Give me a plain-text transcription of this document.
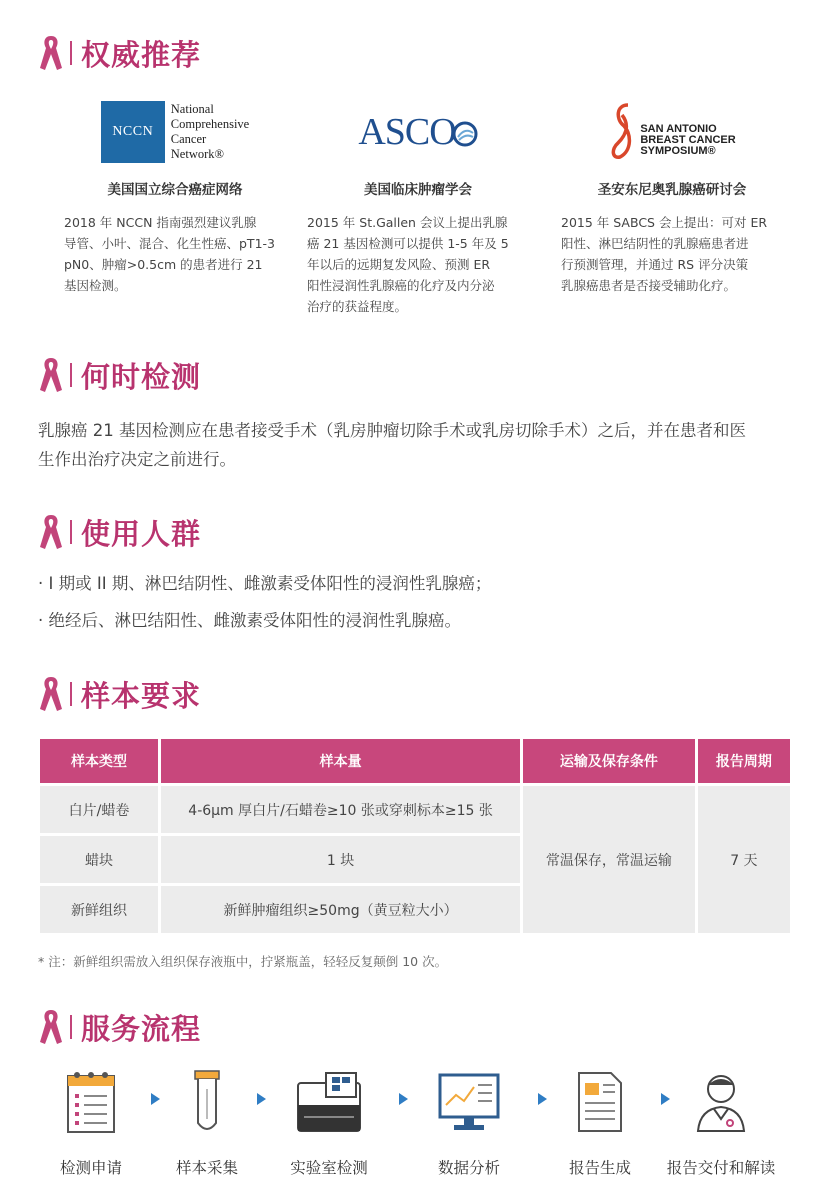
权威推荐
NCCN
National
Comprehensive
Cancer
Network®
美国国立综合癌症网络
2018 年 NCCN 指南强烈建议乳腺
导管、小叶、混合、化生性癌、pT1-3
pN0、肿瘤>0.5cm 的患者进行 21
基因检测。
ASCO
美国临床肿瘤学会
2015 年 St.Gallen 会议上提出乳腺
癌 21 基因检测可以提供 1-5 年及 5
年以后的远期复发风险、预测 ER
阳性浸润性乳腺癌的化疗及内分泌
治疗的获益程度。
SAN ANTONIO
BREAST CANCER
SYMPOSIUM®
圣安东尼奥乳腺癌研讨会
2015 年 SABCS 会上提出：可对 ER
阳性、淋巴结阴性的乳腺癌患者进
行预测管理，并通过 RS 评分决策
乳腺癌患者是否接受辅助化疗。
何时检测
乳腺癌 21 基因检测应在患者接受手术（乳房肿瘤切除手术或乳房切除手术）之后，并在患者和医
生作出治疗决定之前进行。
使用人群
· I 期或 II 期、淋巴结阴性、雌激素受体阳性的浸润性乳腺癌；
· 绝经后、淋巴结阳性、雌激素受体阳性的浸润性乳腺癌。
样本要求
样本类型	样本量	运输及保存条件	报告周期
白片/蜡卷	4-6μm 厚白片/石蜡卷≥10 张或穿刺标本≥15 张	常温保存，常温运输	7 天
蜡块	1 块		
新鲜组织	新鲜肿瘤组织≥50mg（黄豆粒大小）		
* 注：新鲜组织需放入组织保存液瓶中，拧紧瓶盖，轻轻反复颠倒 10 次。
服务流程
检测申请	样本采集	实验室检测	数据分析	报告生成	报告交付和解读
